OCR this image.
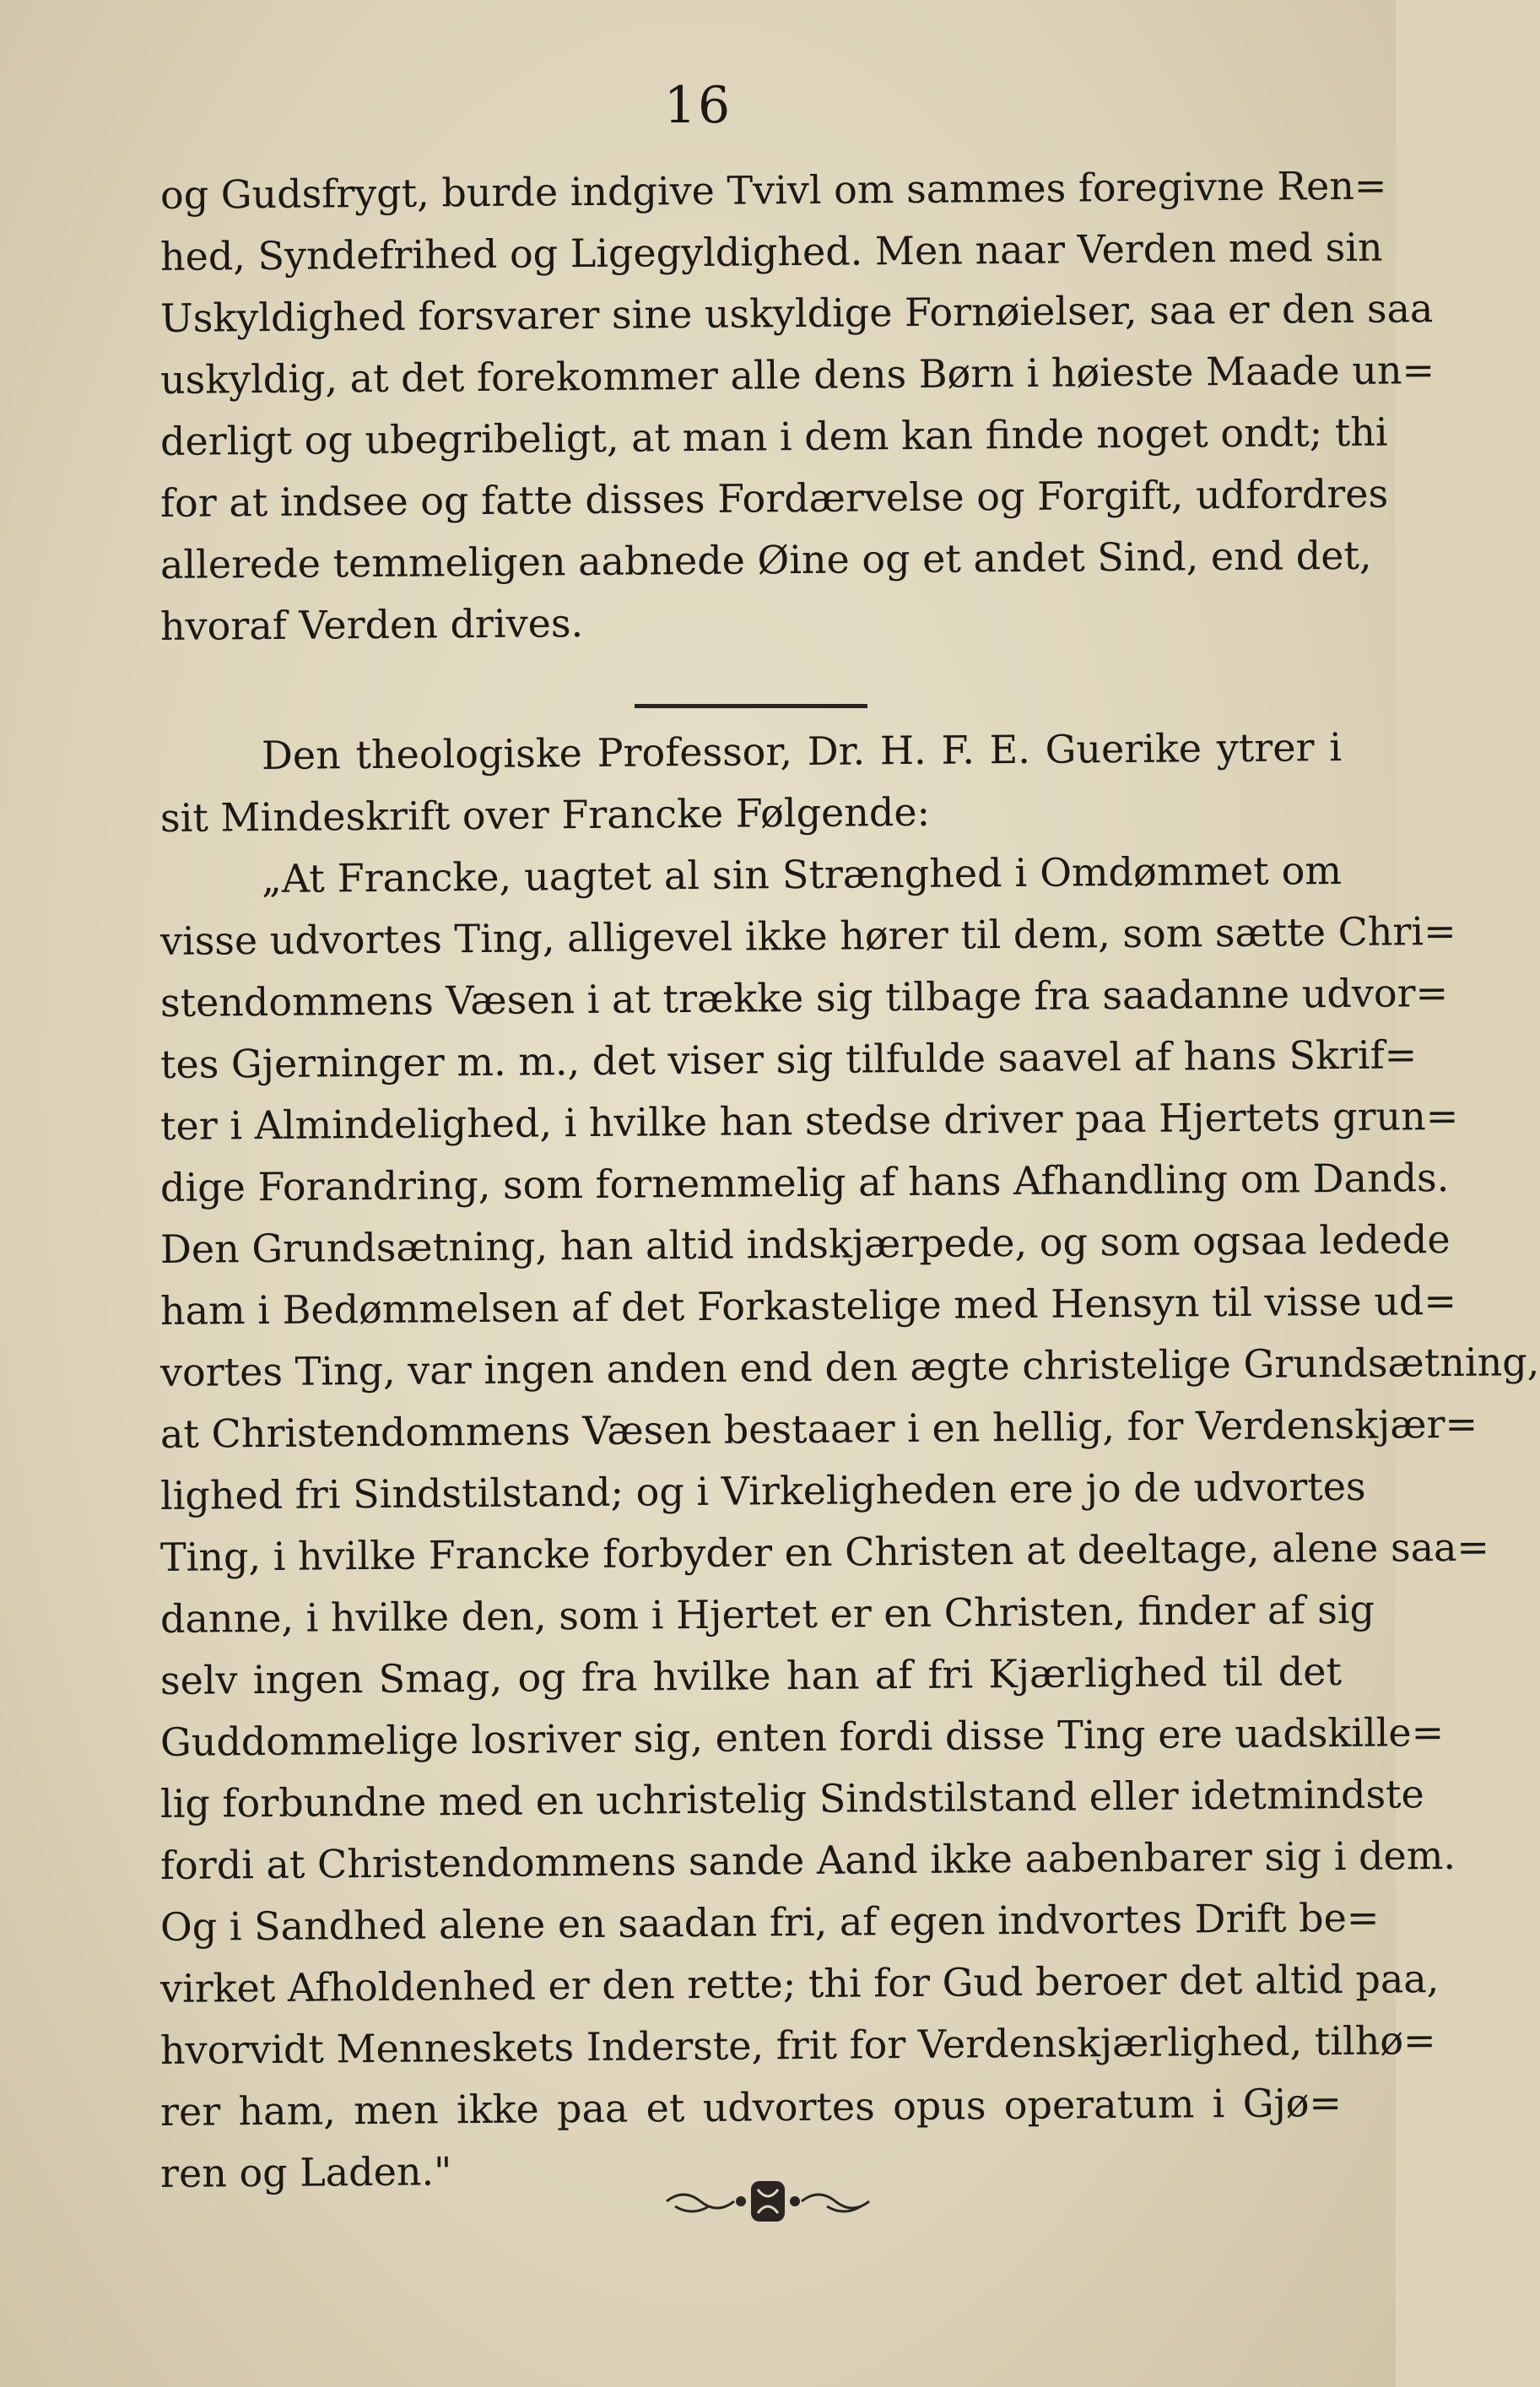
16
og Gudsfrygt, burde indgive Tvivl om sammes foregivne Ren=
hed, Syndefrihed og Ligegyldighed. Men naar Verden med sin
Uskyldighed forsvarer sine uskyldige Fornøielser, saa er den saa
uskyldig, at det forekommer alle dens Børn i høieste Maade un=
derligt og ubegribeligt, at man i dem kan finde noget ondt; thi
for at indsee og fatte disses Fordærvelse og Forgift, udfordres
allerede temmeligen aabnede Øine og et andet Sind, end det,
hvoraf Verden drives.
Den theologiske Professor, Dr. H. F. E. Guerike ytrer i
sit Mindeskrift over Francke Følgende:
„At Francke, uagtet al sin Strænghed i Omdømmet om
visse udvortes Ting, alligevel ikke hører til dem, som sætte Chri=
stendommens Væsen i at trække sig tilbage fra saadanne udvor=
tes Gjerninger m. m., det viser sig tilfulde saavel af hans Skrif=
ter i Almindelighed, i hvilke han stedse driver paa Hjertets grun=
dige Forandring, som fornemmelig af hans Afhandling om Dands.
Den Grundsætning, han altid indskjærpede, og som ogsaa ledede
ham i Bedømmelsen af det Forkastelige med Hensyn til visse ud=
vortes Ting, var ingen anden end den ægte christelige Grundsætning,
at Christendommens Væsen bestaaer i en hellig, for Verdenskjær=
lighed fri Sindstilstand; og i Virkeligheden ere jo de udvortes
Ting, i hvilke Francke forbyder en Christen at deeltage, alene saa=
danne, i hvilke den, som i Hjertet er en Christen, finder af sig
selv ingen Smag, og fra hvilke han af fri Kjærlighed til det
Guddommelige losriver sig, enten fordi disse Ting ere uadskille=
lig forbundne med en uchristelig Sindstilstand eller idetmindste
fordi at Christendommens sande Aand ikke aabenbarer sig i dem.
Og i Sandhed alene en saadan fri, af egen indvortes Drift be=
virket Afholdenhed er den rette; thi for Gud beroer det altid paa,
hvorvidt Menneskets Inderste, frit for Verdenskjærlighed, tilhø=
rer ham, men ikke paa et udvortes opus operatum i Gjø=
ren og Laden."
